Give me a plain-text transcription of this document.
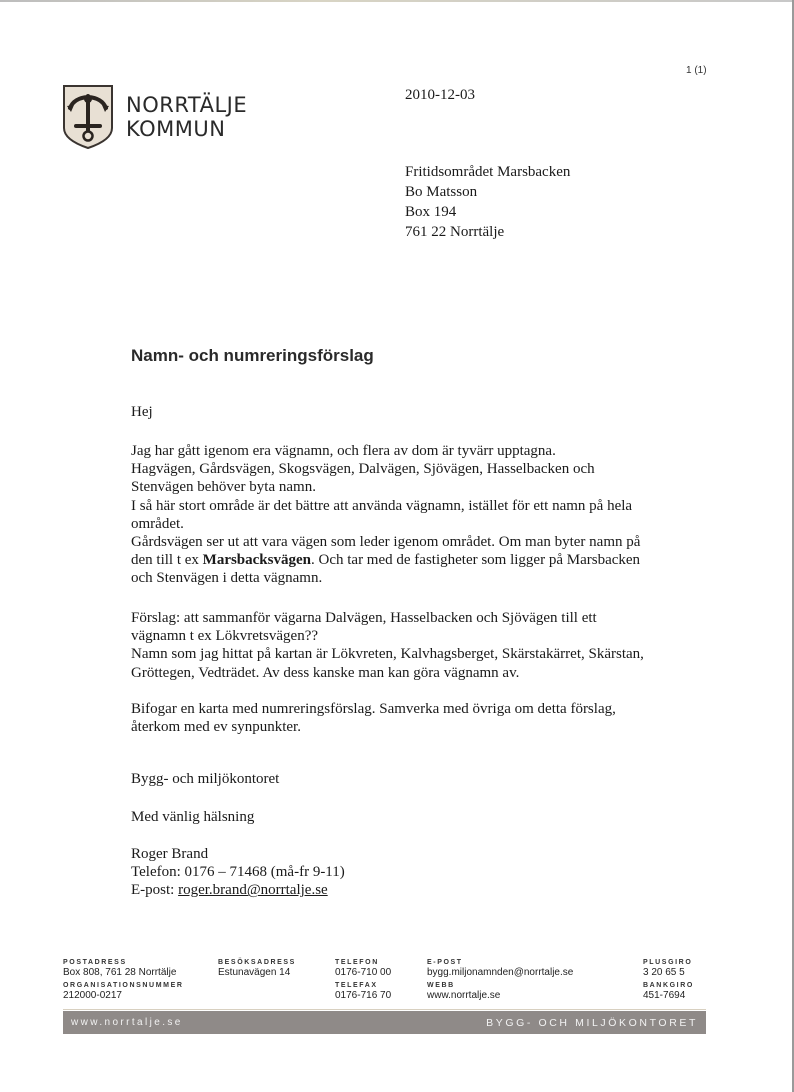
NORRTÄLJE
KOMMUN
1 (1)
2010-12-03
Fritidsområdet Marsbacken
Bo Matsson
Box 194
761 22 Norrtälje
Namn- och numreringsförslag
Hej

Jag har gått igenom era vägnamn, och flera av dom är tyvärr upptagna.

Hagvägen, Gårdsvägen, Skogsvägen, Dalvägen, Sjövägen, Hasselbacken och

Stenvägen behöver byta namn.

I så här stort område är det bättre att använda vägnamn, istället för ett namn på hela

området.

Gårdsvägen ser ut att vara vägen som leder igenom området. Om man byter namn på

den till t ex Marsbacksvägen. Och tar med de fastigheter som ligger på Marsbacken

och Stenvägen i detta vägnamn.

Förslag: att sammanför vägarna Dalvägen, Hasselbacken och Sjövägen till ett

vägnamn t ex Lökvretsvägen??

Namn som jag hittat på kartan är Lökvreten, Kalvhagsberget, Skärstakärret, Skärstan,

Gröttegen, Vedträdet. Av dess kanske man kan göra vägnamn av.

Bifogar en karta med numreringsförslag. Samverka med övriga om detta förslag,

återkom med ev synpunkter.

Bygg- och miljökontoret
Med vänlig hälsning

Roger Brand

Telefon: 0176 – 71468 (må-fr 9-11)

E-post: roger.brand@norrtalje.se

POSTADRESS
Box 808, 761 28 Norrtälje
ORGANISATIONSNUMMER
212000-0217
BESÖKSADRESS
Estunavägen 14
TELEFON
0176-710 00
TELEFAX
0176-716 70
E-POST
bygg.miljonamnden@norrtalje.se
WEBB
www.norrtalje.se
PLUSGIRO
3 20 65 5
BANKGIRO
451-7694
www.norrtalje.se	BYGG- OCH MILJÖKONTORET
